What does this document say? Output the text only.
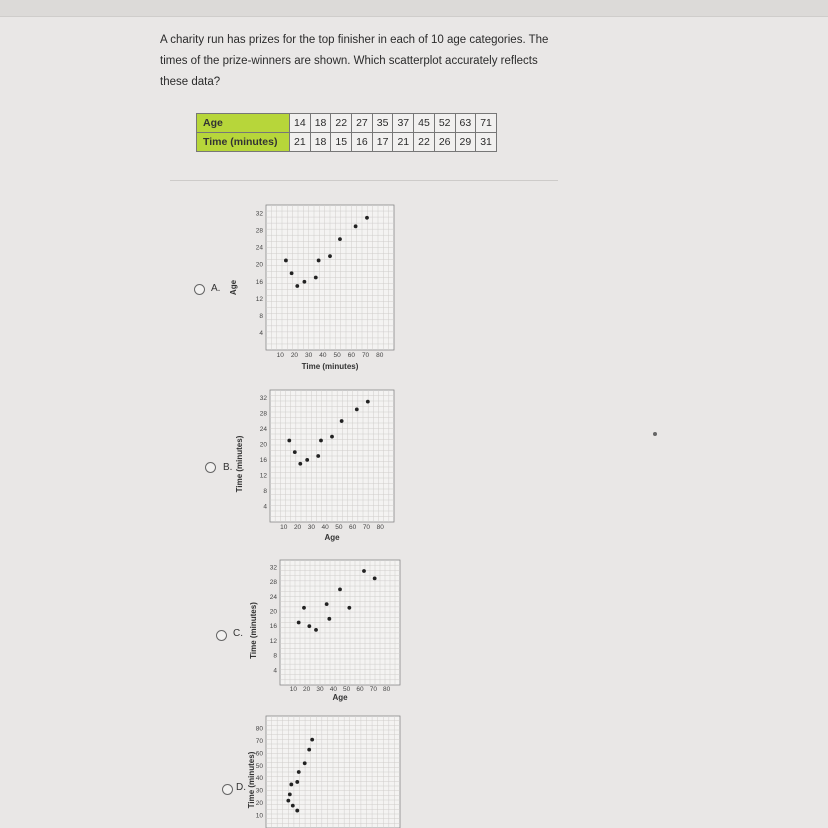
A charity run has prizes for the top finisher in each of 10 age categories. The times of the prize-winners are shown. Which scatterplot accurately reflects these data?
Age	14	18	22	27	35	37	45	52	63	71
Time (minutes)	21	18	15	16	17	21	22	26	29	31
A.
4
8
12
16
20
24
28
32
10 20 30 40 50 60 70 80
Time (minutes)
Age
B.
4
8
12
16
20
24
28
32
10 20 30 40 50 60 70 80
Age
Time (minutes)
C.
4
8
12
16
20
24
28
32
10 20 30 40 50 60 70 80
Age
Time (minutes)
D.
10
20
30
40
50
60
70
80
Time (minutes)
